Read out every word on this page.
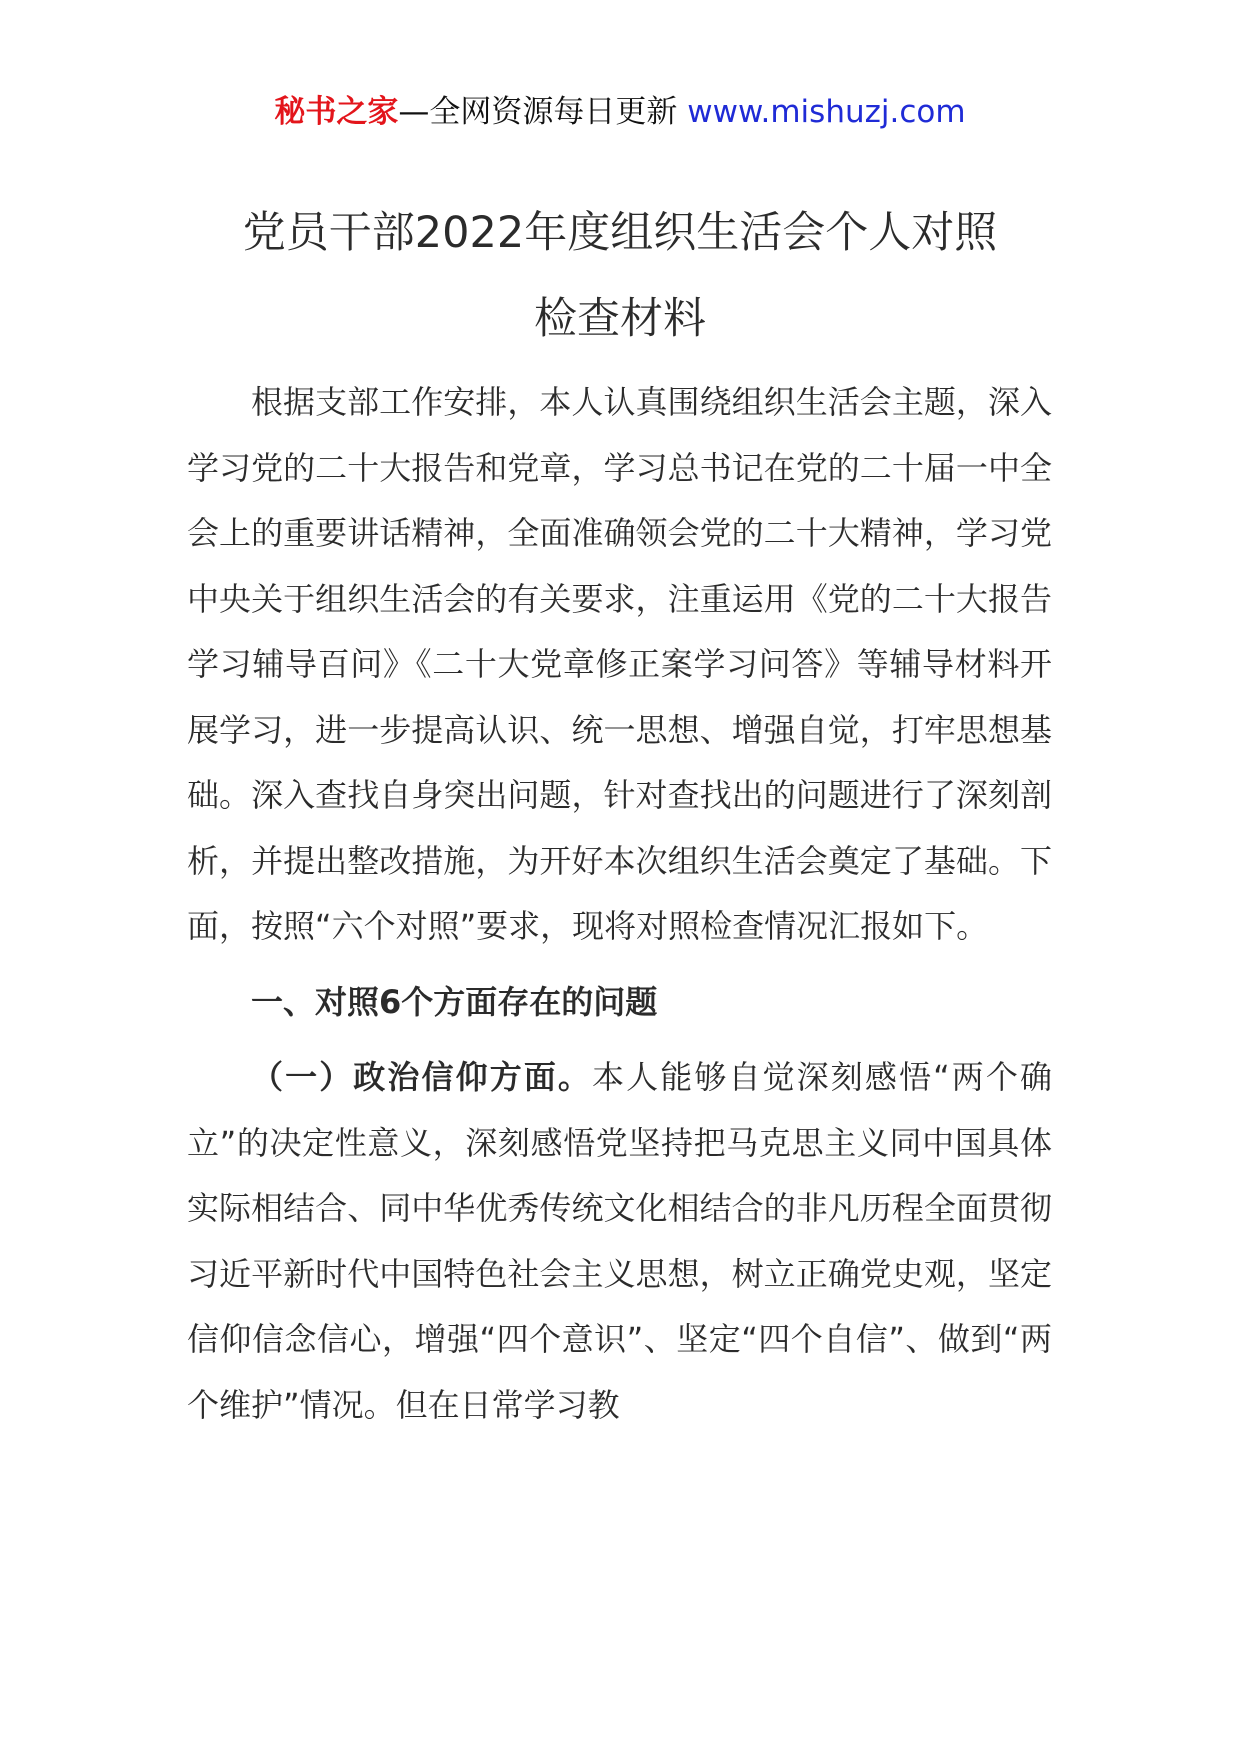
秘书之家—全网资源每日更新 www.mishuzj.com
党员干部2022年度组织生活会个人对照
检查材料

根据支部工作安排，本人认真围绕组织生活会主题，深入学习党的二十大报告和党章，学习总书记在党的二十届一中全会上的重要讲话精神，全面准确领会党的二十大精神，学习党中央关于组织生活会的有关要求，注重运用《党的二十大报告学习辅导百问》《二十大党章修正案学习问答》等辅导材料开展学习，进一步提高认识、统一思想、增强自觉，打牢思想基础。深入查找自身突出问题，针对查找出的问题进行了深刻剖析，并提出整改措施，为开好本次组织生活会奠定了基础。下面，按照“六个对照”要求，现将对照检查情况汇报如下。

一、对照6个方面存在的问题

（一）政治信仰方面。本人能够自觉深刻感悟“两个确立”的决定性意义，深刻感悟党坚持把马克思主义同中国具体实际相结合、同中华优秀传统文化相结合的非凡历程全面贯彻习近平新时代中国特色社会主义思想，树立正确党史观，坚定信仰信念信心，增强“四个意识”、坚定“四个自信”、做到“两个维护”情况。但在日常学习教
